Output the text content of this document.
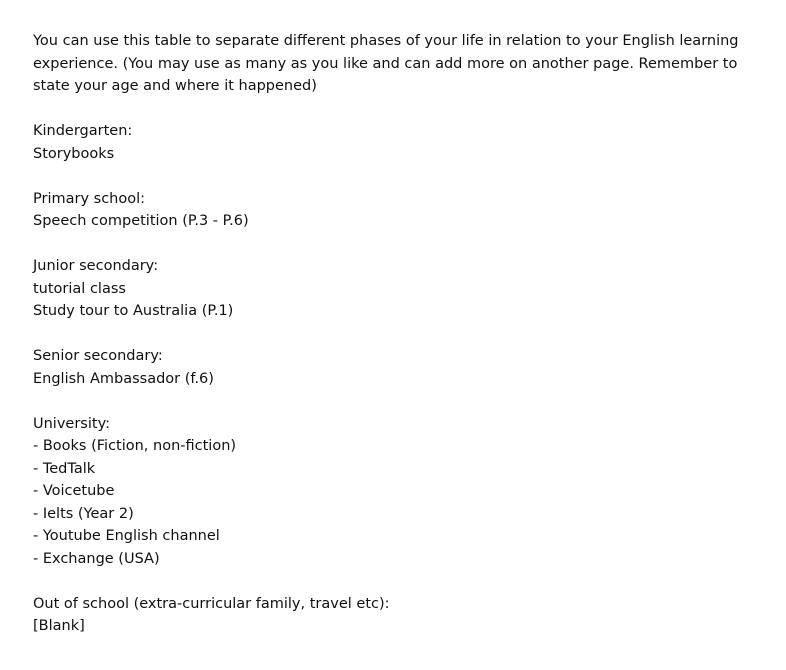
You can use this table to separate different phases of your life in relation to your English learning experience. (You may use as many as you like and can add more on another page. Remember to state your age and where it happened)

Kindergarten:
Storybooks
Primary school:
Speech competition (P.3 - P.6)
Junior secondary:
tutorial class
Study tour to Australia (P.1)
Senior secondary:
English Ambassador (f.6)
University:
- Books (Fiction, non-fiction)
- TedTalk
- Voicetube
- Ielts (Year 2)
- Youtube English channel
- Exchange (USA)
Out of school (extra-curricular family, travel etc):
[Blank]
